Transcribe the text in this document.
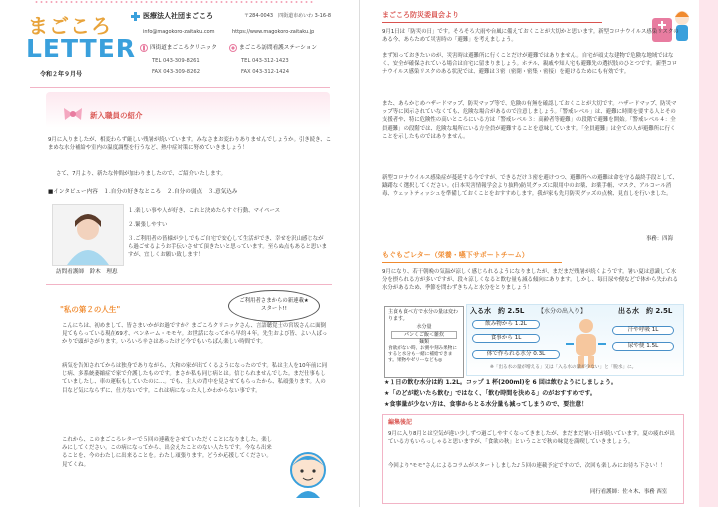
まごころ
LETTER
令和２年９月号
医療法人社団まごころ	〒284-0043　四街道市めいわ 3-16-8
info@magokoro-zaitaku.com	https://www.magokoro-zaitaku.jp
四街道まごころクリニック
TEL 043-309-8261
FAX 043-309-8262
まごころ訪問看護ステーション
TEL 043-312-1423
FAX 043-312-1424
新入職員の紹介
9月に入りましたが、相変わらず厳しい残暑が続いています。みなさまお変わりありませんでしょうか。引き続き、こまめな水分補給や室内の温度調整を行うなど、熱中症対策に努めていきましょう！
さて、7月より、新たな仲間が加わりましたので、ご紹介いたします。
■インタビュー内容　１.自分の好きなところ　２.自分の弱点　３.意気込み
訪問看護師　鈴木　理恵
１.楽しい事や人が好き、これと決めたらすぐ行動、マイペース
２.緊張しやすい
３.ご利用者の皆様が少しでもご自宅で安心して生活ができ、幸せを沢山感じながら過ごせるようお手伝いさせて頂きたいと思っています。至らぬ点もあると思いますが、宜しくお願い致します！
"私の第２の人生"
ご利用者さまからの新連載★スタート!!
こんにちは、初めまして、皆さまいかがお過ですか？まごころクリニックさん、言語聴覚士の宮坂さんに面倒見てもらっている現在69才、ペンネーム・モモヤ。お世話になってから早約４年。先生および皆、よい人ばっかりで頭がさがります。いろいろ辛さはあったけど今でもいちばん楽しい時間です。
病気を告知されてからは独身でありながら、大和の家が出てくるようになったのです。私は主人を10年前に同じ病、多系統萎縮症で家で介護したものです。まさか私も同じ病とは。信じられませんでした。まだ仕事もしていましたし、車の運転もしていたのに…。でも、主人の背中を見させてもらったから、私頑張ります。人の目など気にならずに、仕方ないです。これは病になった人しかわからない事です。
これから、このまごころレターで５回の連載をさせていただくことになりました。楽しみにしてください。この病になってから、出会えたことのない人たちです。今なら出来ることを、今のわたしに出来ることを。わたし頑張ります。どうか応援してください。見てくね。
まごころ防災委員会より
9月1日は「防災の日」です。そろそろ大雨や台風に備えておくことが大切かと思います。新型コロナウイルス感染リスクのある今、あらためて災害時の「避難」を考えましょう。
まず知っておきたいのが、災害時は避難所に行くことだけが避難ではありません。自宅が頑丈な建物で危険な地域ではなく、安全が確保されている場合は自宅に留まりましょう。ホテル、親戚や知人宅も避難先の選択肢のひとつです。新型コロナウイルス感染リスクのある状況では、避難は３密（密閉・密集・密接）を避けるためにも有効です。
また、あらかじめハザードマップ、防災マップ等で、危険の有無を確認しておくことが大切です。ハザードマップ、防災マップ等に図示されていなくても、危険な場合があるので注意しましょう。「警戒レベル」は、避難に時間を要する人とその支援者や、特に危険性の高いところにいる方は「警戒レベル３：高齢者等避難」の段階で避難を開始。「警戒レベル４：全員避難」の段階では、危険な場所にいる方全員が避難することを意味しています。「全員避難」は全ての人が避難所に行くことを示したものではありません。
新型コロナウイルス感染症が蔓延する今ですが、できるだけ３密を避けつつ、避難所への避難は命を守る最終手段として、躊躇なく選択してください。(日本災害情報学会より抜粋)防災グッズに限用中のお薬、お薬手帳、マスク、アルコール消毒、ウェットティッシュを準備しておくことをおすすめします。我が家も先月防災グッズの点検、見直しを行いました。
事務：四海
もぐもごレター（栄養・嚥下サポートチーム）
9月になり、若干朝晩の気温が涼しく感じられるようになりましたが、まだまだ残暑が続くようです。暑い夏は意識して水分を摂られる方が多いですが、段々涼しくなると飲む量も減る傾向にあります。しかし、毎日尿や便などで体から失われる水分があるため、季節を問わずきちんと水分をとりましょう！
主食も食べ方で水分の量は変わります。
水分量
パンくご飯＜雑炊
麺類
食欲がない時、お粥や刻み果物にすると水分も一緒に補給できます。果物やゼリーなども◎
入る水　約 2.5L 【水分の出入り】	出る水　約 2.5L
飲み物から 1.2L
食事から 1L
体で作られる水分 0.3L
汗や呼吸 1L
尿や便 1.5L
※「出る水の量が増える」又は「入る水の量が少ない」と「脱水」に。
★１日の飲む水分は約 1.2L。コップ 1 杯(200ml)を 6 回は飲むようにしましょう。
★「のどが乾いたら飲む」ではなく、「飲む時間を決める」のがおすすめです。
★食事量が少ない方は、食事からとる水分量も減ってしまうので、要注意！
編集後記
9月に入り8月とは空気が違い少しずつ過ごしやすくなってきましたが、まだまだ暑い日が続いています。夏の疲れが出ている方もいらっしゃると思いますが、「食欲の秋」ということで秋の味覚を満喫していきましょう。
今回より"モモ"さんによるコラムがスタートしました♪５回の連載予定ですので、次回も楽しみにお待ち下さい！！
同行看護師：佐々木、事務 西室
